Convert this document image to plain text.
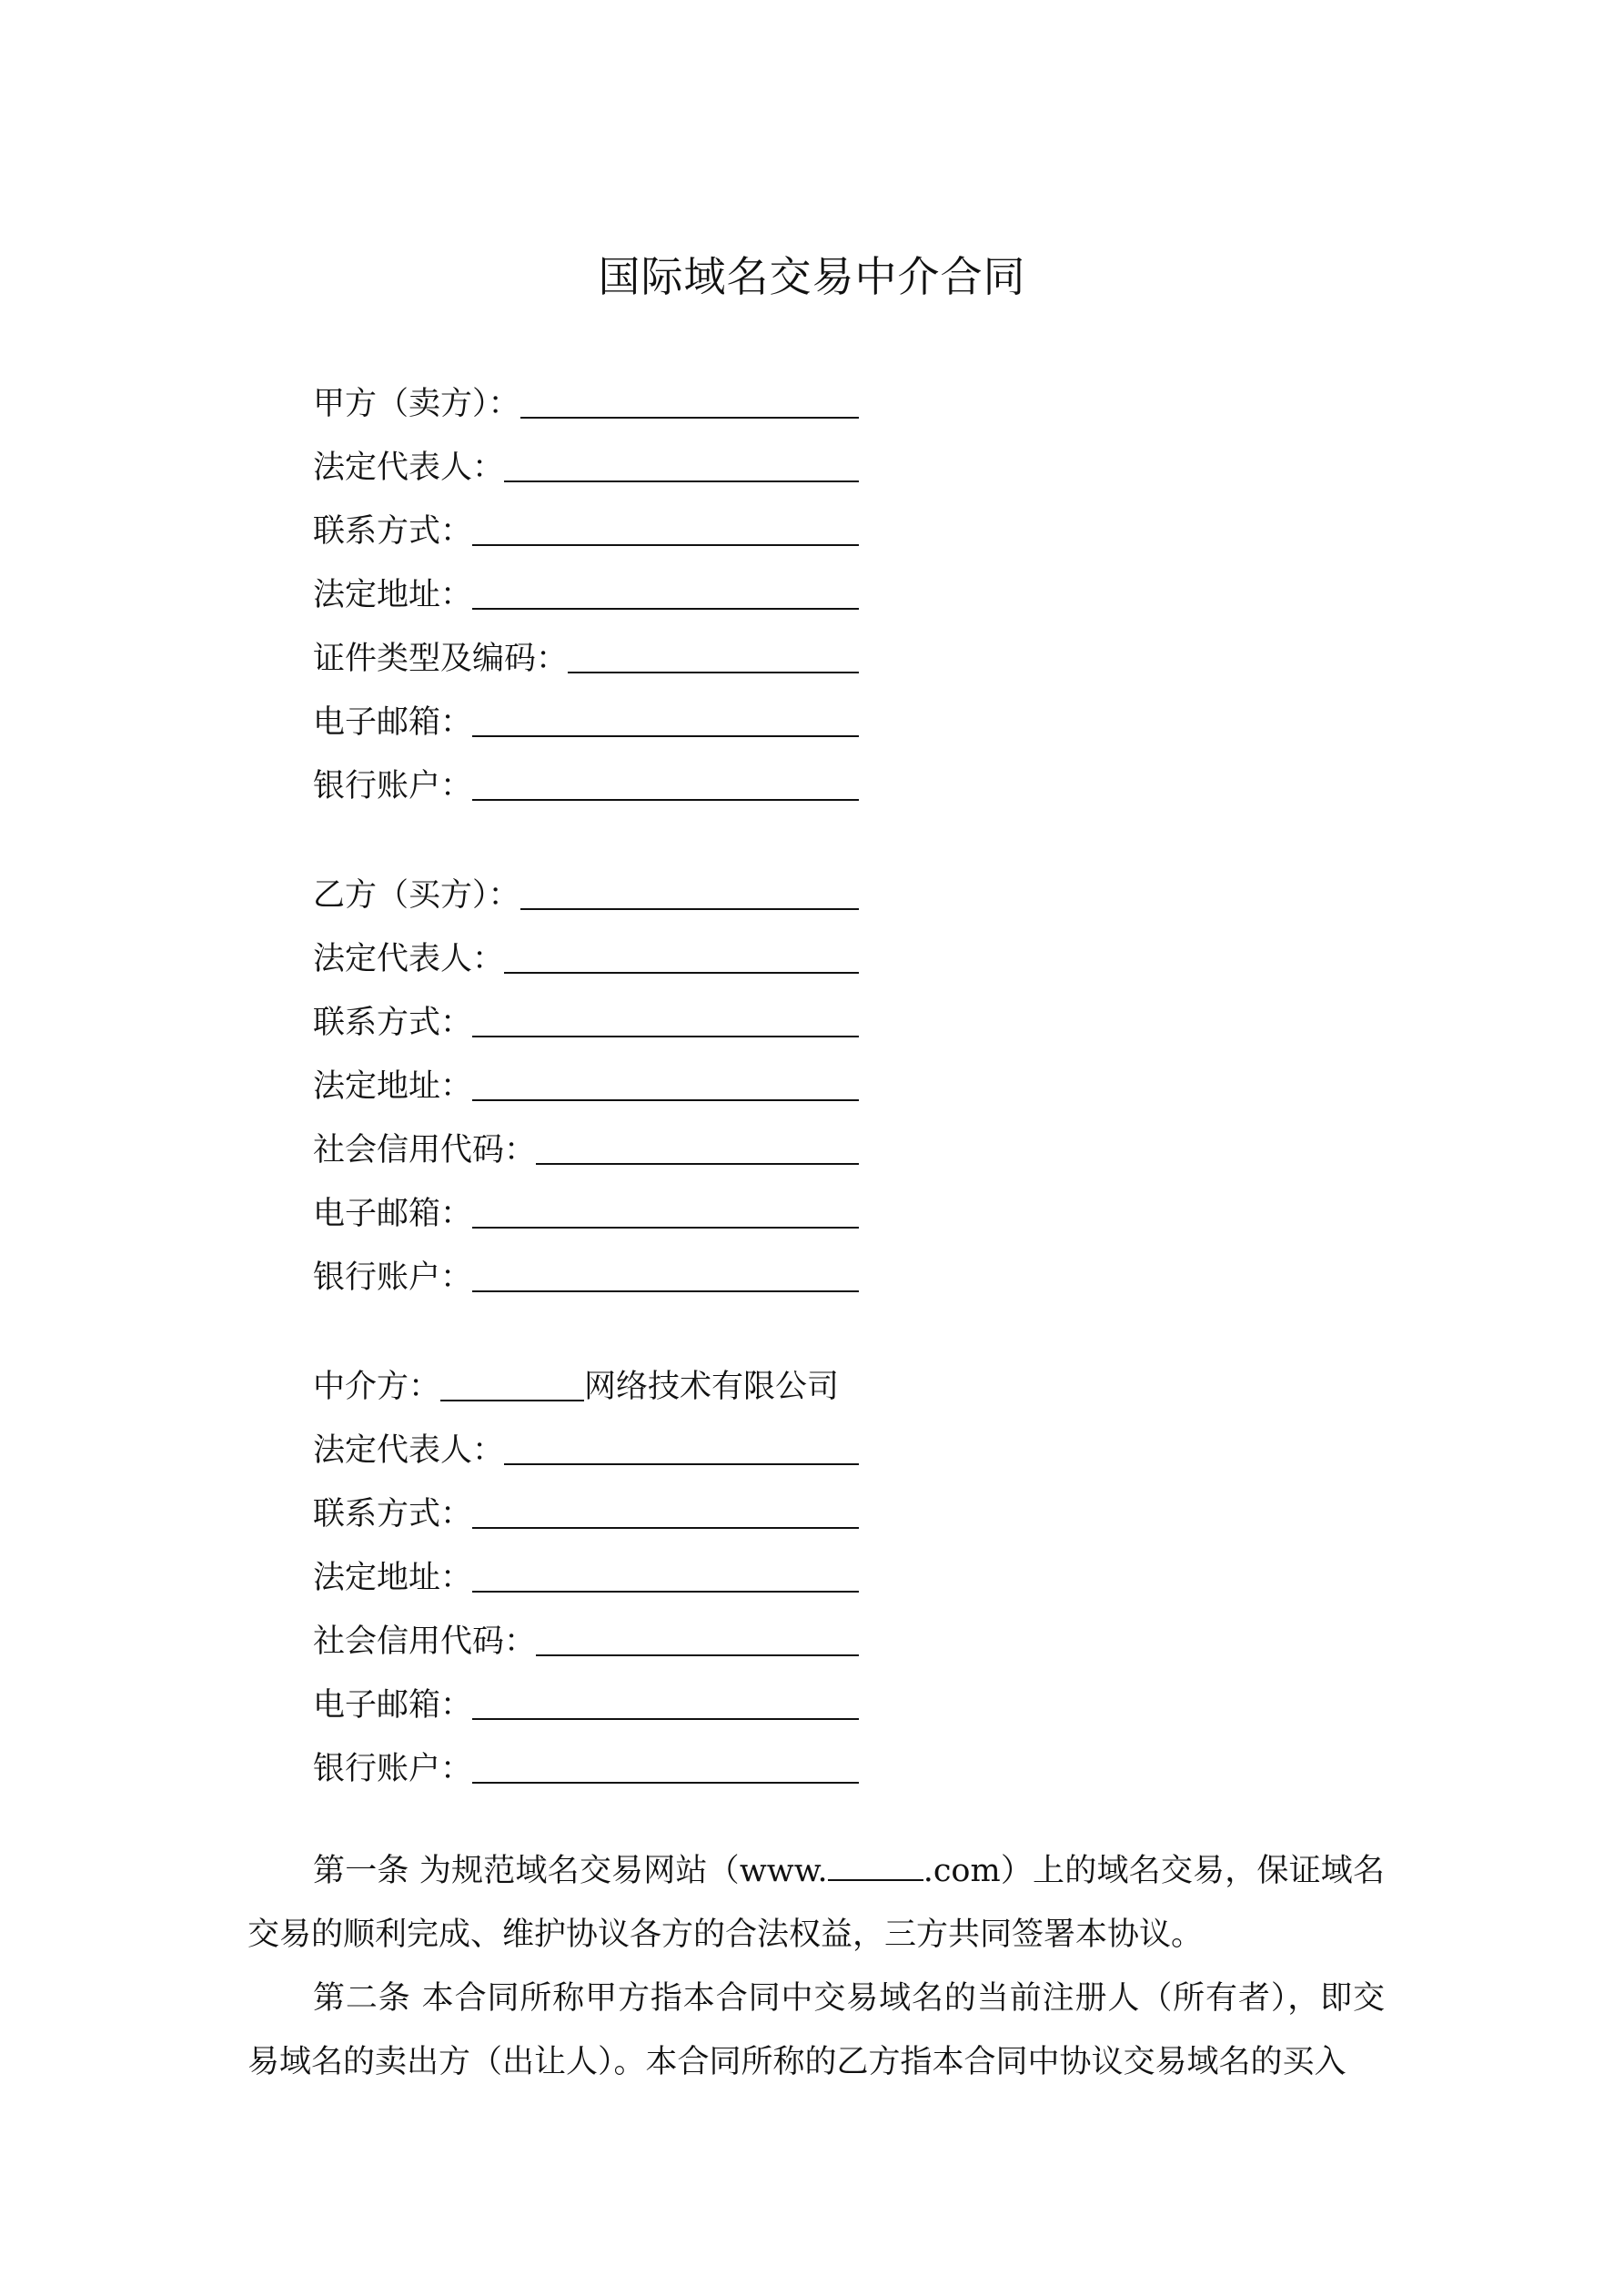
国际域名交易中介合同
甲方（卖方）：
法定代表人：
联系方式：
法定地址：
证件类型及编码：
电子邮箱：
银行账户：
乙方（买方）：
法定代表人：
联系方式：
法定地址：
社会信用代码：
电子邮箱：
银行账户：
中介方：	网络技术有限公司
法定代表人：
联系方式：
法定地址：
社会信用代码：
电子邮箱：
银行账户：

第一条 为规范域名交易网站（www.	.com）上的域名交易，保证域名交易的顺利完成、维护协议各方的合法权益，三方共同签署本协议。

第二条 本合同所称甲方指本合同中交易域名的当前注册人（所有者），即交易域名的卖出方（出让人）。本合同所称的乙方指本合同中协议交易域名的买入
